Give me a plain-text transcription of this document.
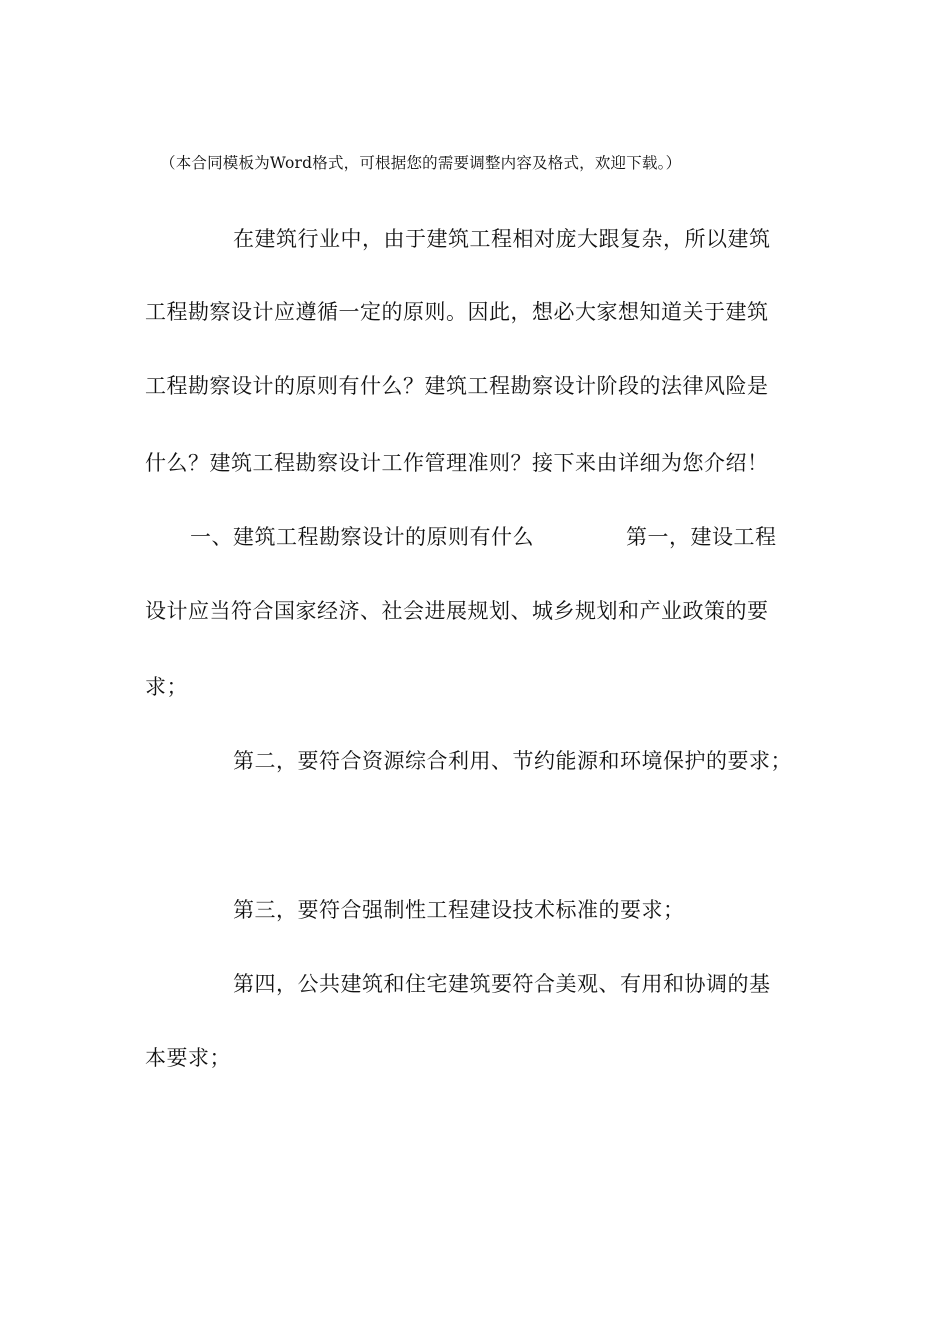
（本合同模板为Word格式，可根据您的需要调整内容及格式，欢迎下载。）
在建筑行业中，由于建筑工程相对庞大跟复杂，所以建筑
工程勘察设计应遵循一定的原则。因此，想必大家想知道关于建筑
工程勘察设计的原则有什么？建筑工程勘察设计阶段的法律风险是
什么？建筑工程勘察设计工作管理准则？接下来由详细为您介绍！
一、建筑工程勘察设计的原则有什么	第一，建设工程
设计应当符合国家经济、社会进展规划、城乡规划和产业政策的要
求；
第二，要符合资源综合利用、节约能源和环境保护的要求；
第三，要符合强制性工程建设技术标准的要求；
第四，公共建筑和住宅建筑要符合美观、有用和协调的基
本要求；
